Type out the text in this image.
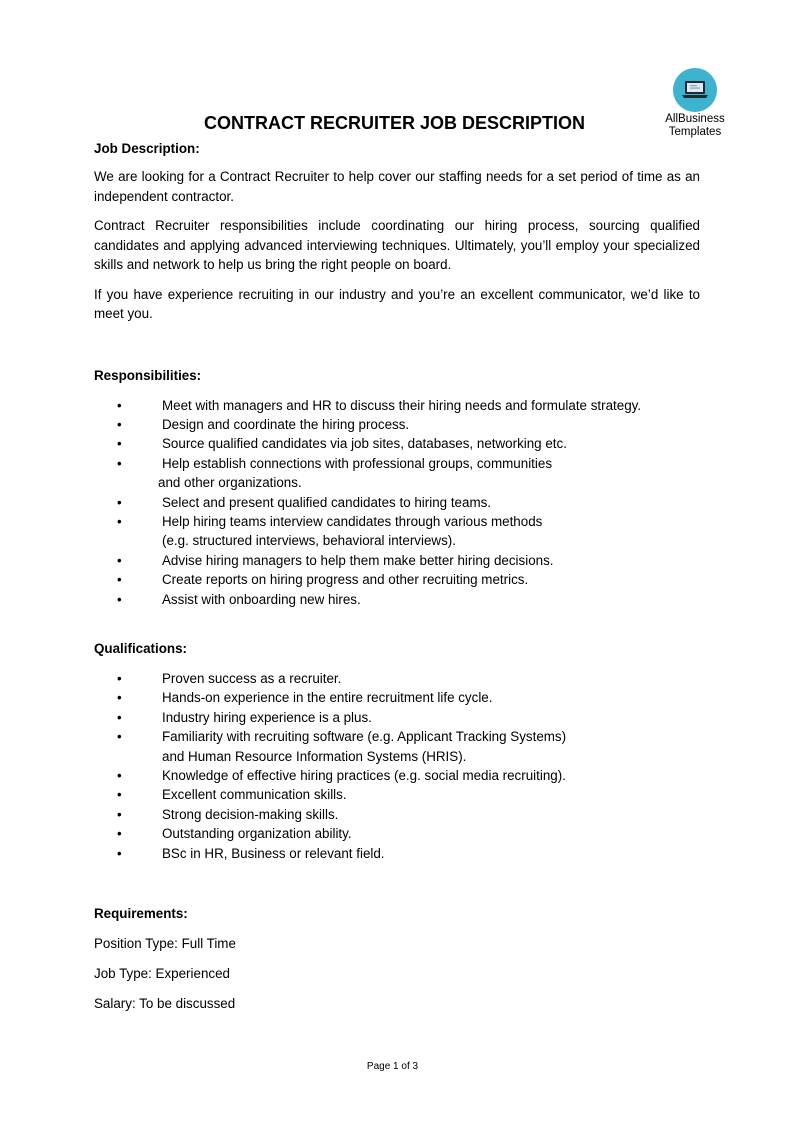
AllBusiness
Templates
CONTRACT RECRUITER JOB DESCRIPTION

Job Description:

We are looking for a Contract Recruiter to help cover our staffing needs for a set period of time as an independent contractor.

Contract Recruiter responsibilities include coordinating our hiring process, sourcing qualified candidates and applying advanced interviewing techniques. Ultimately, you’ll employ your specialized skills and network to help us bring the right people on board.

If you have experience recruiting in our industry and you’re an excellent communicator, we’d like to meet you.

Responsibilities:

•	Meet with managers and HR to discuss their hiring needs and formulate strategy.
•	Design and coordinate the hiring process.
•	Source qualified candidates via job sites, databases, networking etc.
•	Help establish connections with professional groups, communities
and other organizations.
•	Select and present qualified candidates to hiring teams.
•	Help hiring teams interview candidates through various methods
(e.g. structured interviews, behavioral interviews).
•	Advise hiring managers to help them make better hiring decisions.
•	Create reports on hiring progress and other recruiting metrics.
•	Assist with onboarding new hires.

Qualifications:

•	Proven success as a recruiter.
•	Hands-on experience in the entire recruitment life cycle.
•	Industry hiring experience is a plus.
•	Familiarity with recruiting software (e.g. Applicant Tracking Systems)
and Human Resource Information Systems (HRIS).
•	Knowledge of effective hiring practices (e.g. social media recruiting).
•	Excellent communication skills.
•	Strong decision-making skills.
•	Outstanding organization ability.
•	BSc in HR, Business or relevant field.

Requirements:

Position Type: Full Time

Job Type: Experienced

Salary: To be discussed

Page 1 of 3
